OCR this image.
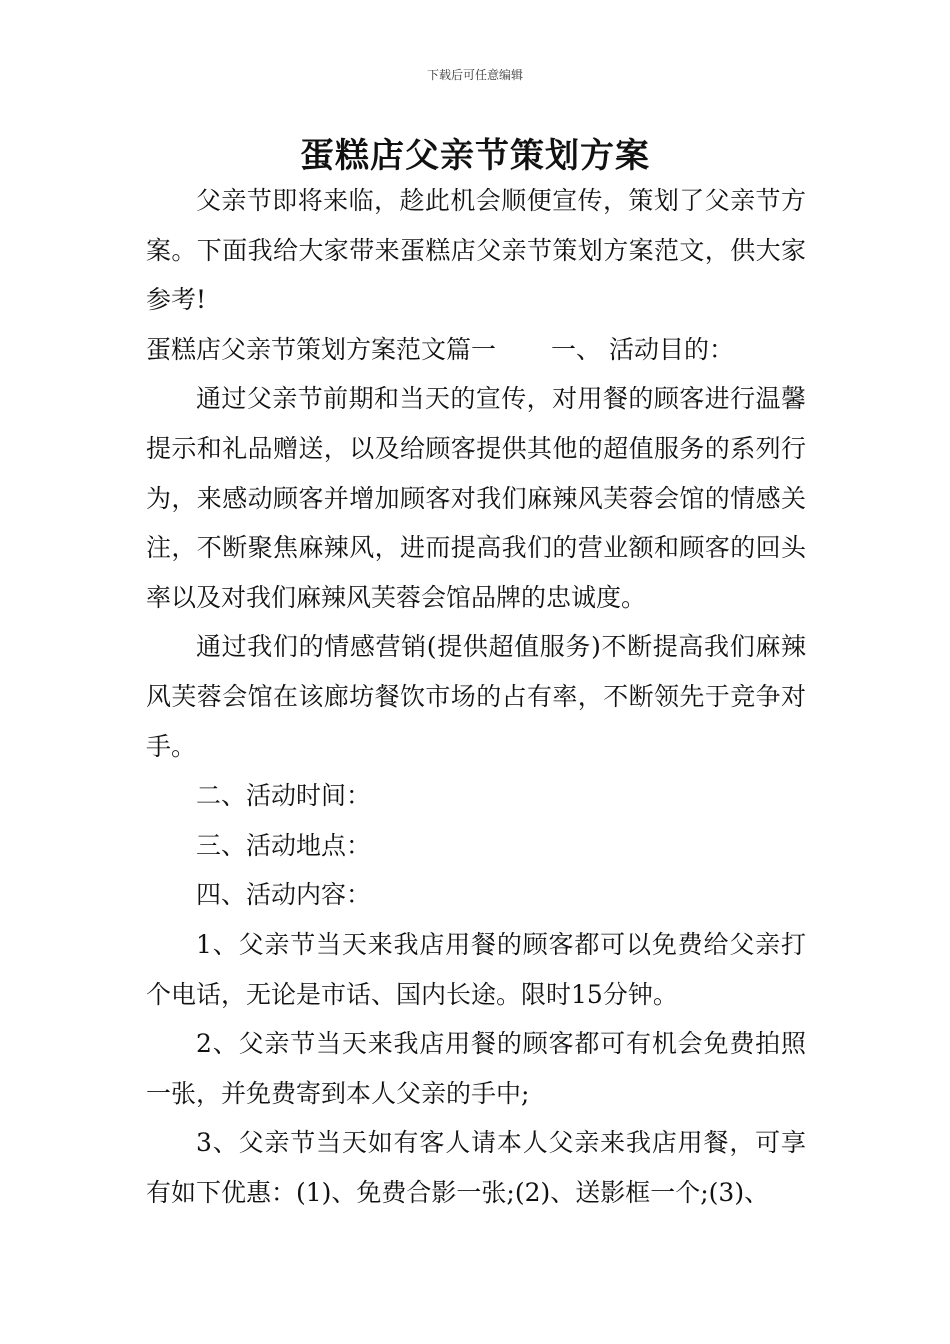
下载后可任意编辑
蛋糕店父亲节策划方案

父亲节即将来临，趁此机会顺便宣传，策划了父亲节方案。下面我给大家带来蛋糕店父亲节策划方案范文，供大家参考!

蛋糕店父亲节策划方案范文篇一 一、 活动目的：

通过父亲节前期和当天的宣传，对用餐的顾客进行温馨提示和礼品赠送，以及给顾客提供其他的超值服务的系列行为，来感动顾客并增加顾客对我们麻辣风芙蓉会馆的情感关注，不断聚焦麻辣风，进而提高我们的营业额和顾客的回头率以及对我们麻辣风芙蓉会馆品牌的忠诚度。

通过我们的情感营销(提供超值服务)不断提高我们麻辣风芙蓉会馆在该廊坊餐饮市场的占有率，不断领先于竞争对手。

二、活动时间：

三、活动地点：

四、活动内容：

1、父亲节当天来我店用餐的顾客都可以免费给父亲打个电话，无论是市话、国内长途。限时15分钟。

2、父亲节当天来我店用餐的顾客都可有机会免费拍照一张，并免费寄到本人父亲的手中;

3、父亲节当天如有客人请本人父亲来我店用餐，可享有如下优惠：(1)、免费合影一张;(2)、送影框一个;(3)、
